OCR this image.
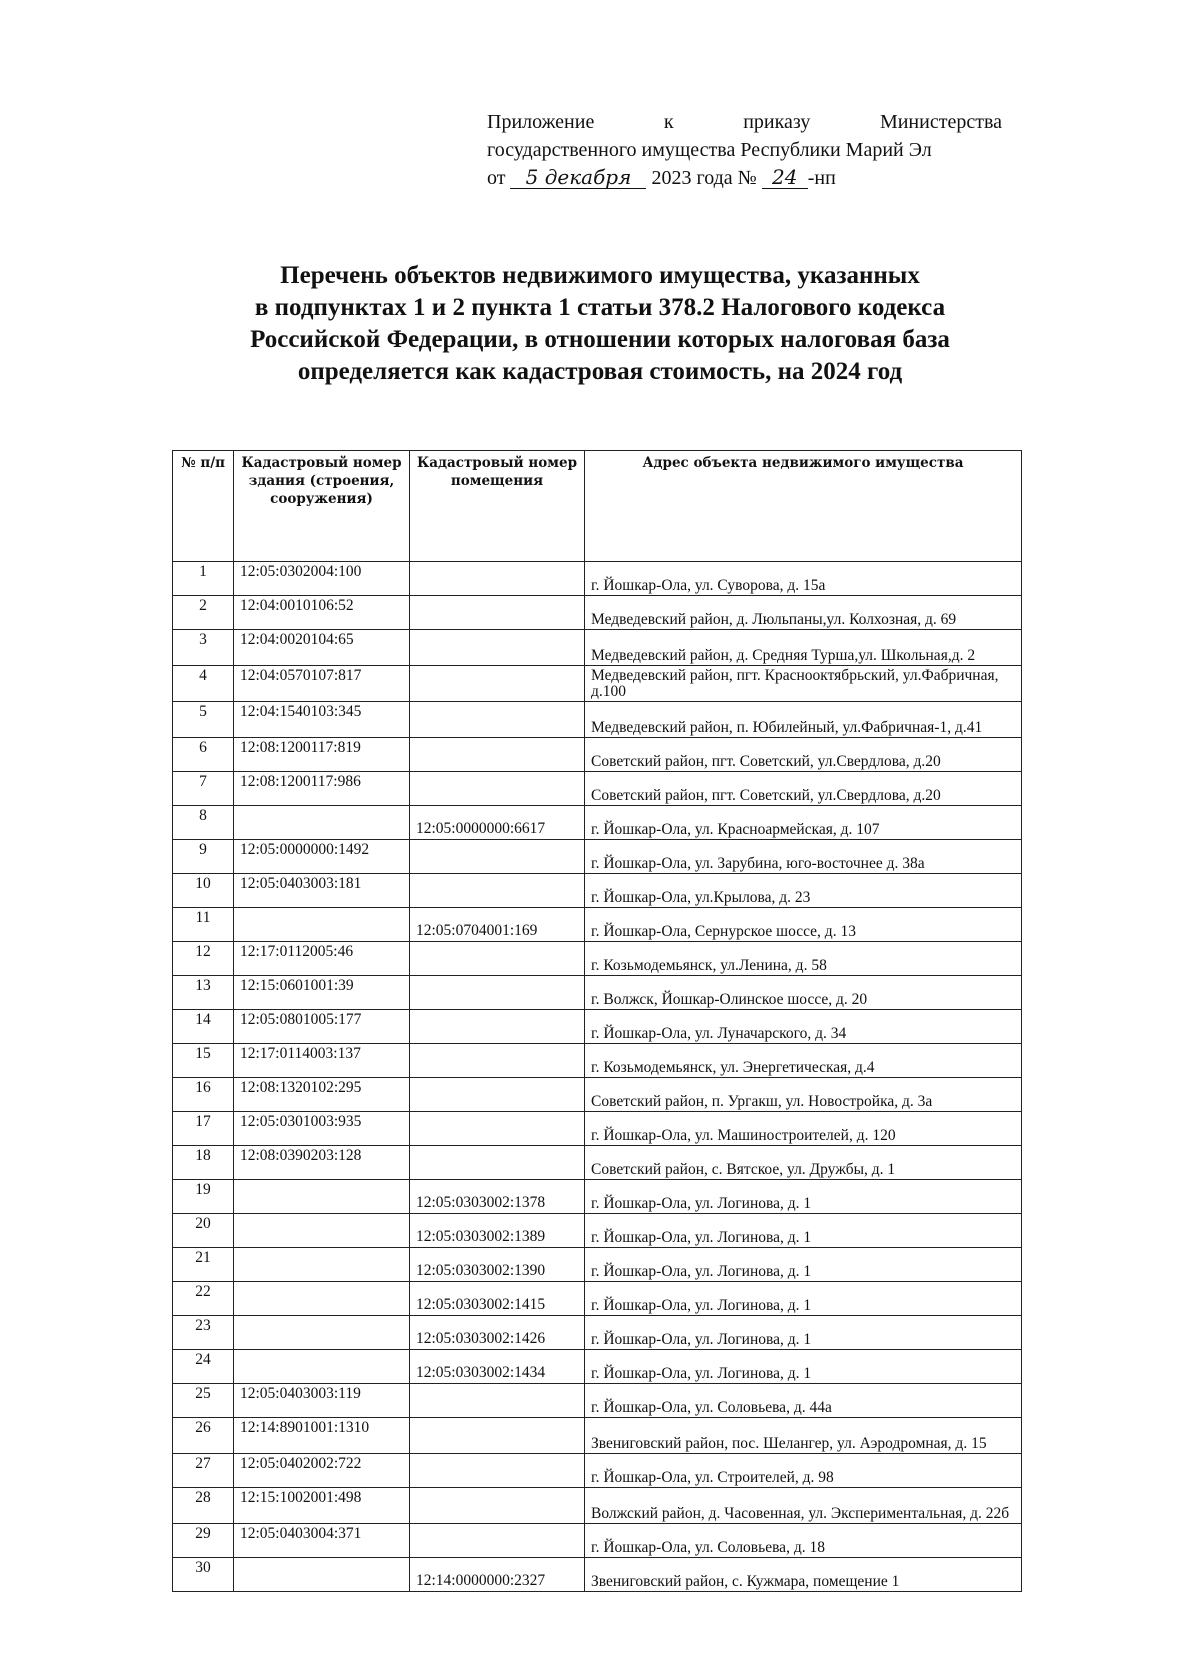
Приложение	к	приказу	Министерства
государственного имущества Республики Марий Эл
от 5 декабря 2023 года № 24 -нп
Перечень объектов недвижимого имущества, указанных
в подпунктах 1 и 2 пункта 1 статьи 378.2 Налогового кодекса
Российской Федерации, в отношении которых налоговая база
определяется как кадастровая стоимость, на 2024 год
№ п/п	Кадастровый номер здания (строения, сооружения)	Кадастровый номер помещения	Адрес объекта недвижимого имущества
1	12:05:0302004:100		г. Йошкар-Ола, ул. Суворова, д. 15а
2	12:04:0010106:52		Медведевский район, д. Люльпаны,ул. Колхозная, д. 69
3	12:04:0020104:65		Медведевский район, д. Средняя Турша,ул. Школьная,д. 2
4	12:04:0570107:817		Медведевский район, пгт. Краснооктябрьский, ул.Фабричная, д.100
5	12:04:1540103:345		Медведевский район, п. Юбилейный, ул.Фабричная-1, д.41
6	12:08:1200117:819		Советский район, пгт. Советский, ул.Свердлова, д.20
7	12:08:1200117:986		Советский район, пгт. Советский, ул.Свердлова, д.20
8		12:05:0000000:6617	г. Йошкар-Ола, ул. Красноармейская, д. 107
9	12:05:0000000:1492		г. Йошкар-Ола, ул. Зарубина, юго-восточнее д. 38а
10	12:05:0403003:181		г. Йошкар-Ола, ул.Крылова, д. 23
11		12:05:0704001:169	г. Йошкар-Ола, Сернурское шоссе, д. 13
12	12:17:0112005:46		г. Козьмодемьянск, ул.Ленина, д. 58
13	12:15:0601001:39		г. Волжск, Йошкар-Олинское шоссе, д. 20
14	12:05:0801005:177		г. Йошкар-Ола, ул. Луначарского, д. 34
15	12:17:0114003:137		г. Козьмодемьянск, ул. Энергетическая, д.4
16	12:08:1320102:295		Советский район, п. Ургакш, ул. Новостройка, д. 3а
17	12:05:0301003:935		г. Йошкар-Ола, ул. Машиностроителей, д. 120
18	12:08:0390203:128		Советский район, с. Вятское, ул. Дружбы, д. 1
19		12:05:0303002:1378	г. Йошкар-Ола, ул. Логинова, д. 1
20		12:05:0303002:1389	г. Йошкар-Ола, ул. Логинова, д. 1
21		12:05:0303002:1390	г. Йошкар-Ола, ул. Логинова, д. 1
22		12:05:0303002:1415	г. Йошкар-Ола, ул. Логинова, д. 1
23		12:05:0303002:1426	г. Йошкар-Ола, ул. Логинова, д. 1
24		12:05:0303002:1434	г. Йошкар-Ола, ул. Логинова, д. 1
25	12:05:0403003:119		г. Йошкар-Ола, ул. Соловьева, д. 44а
26	12:14:8901001:1310		Звениговский район, пос. Шелангер, ул. Аэродромная, д. 15
27	12:05:0402002:722		г. Йошкар-Ола, ул. Строителей, д. 98
28	12:15:1002001:498		Волжский район, д. Часовенная, ул. Экспериментальная, д. 22б
29	12:05:0403004:371		г. Йошкар-Ола, ул. Соловьева, д. 18
30		12:14:0000000:2327	Звениговский район, с. Кужмара, помещение 1
